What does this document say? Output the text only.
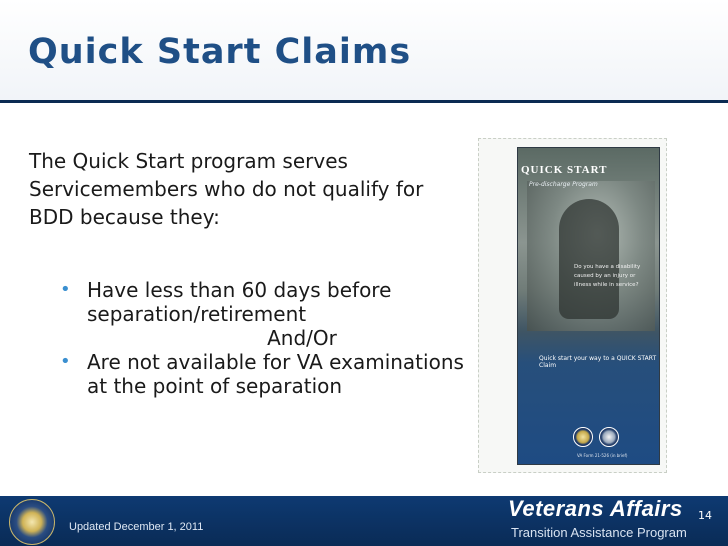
Quick Start Claims

The Quick Start program serves Servicemembers who do not qualify for BDD because they:

• Have less than 60 days before separation/retirement
And/Or
• Are not available for VA examinations at the point of separation
QUICK START
Pre-discharge Program
Do you have a disability caused by an injury or illness while in service?
Quick start your way to a QUICK START Claim
VA Form 21-526 (in brief)
Updated December 1, 2011
Veterans Affairs
Transition Assistance Program
14
